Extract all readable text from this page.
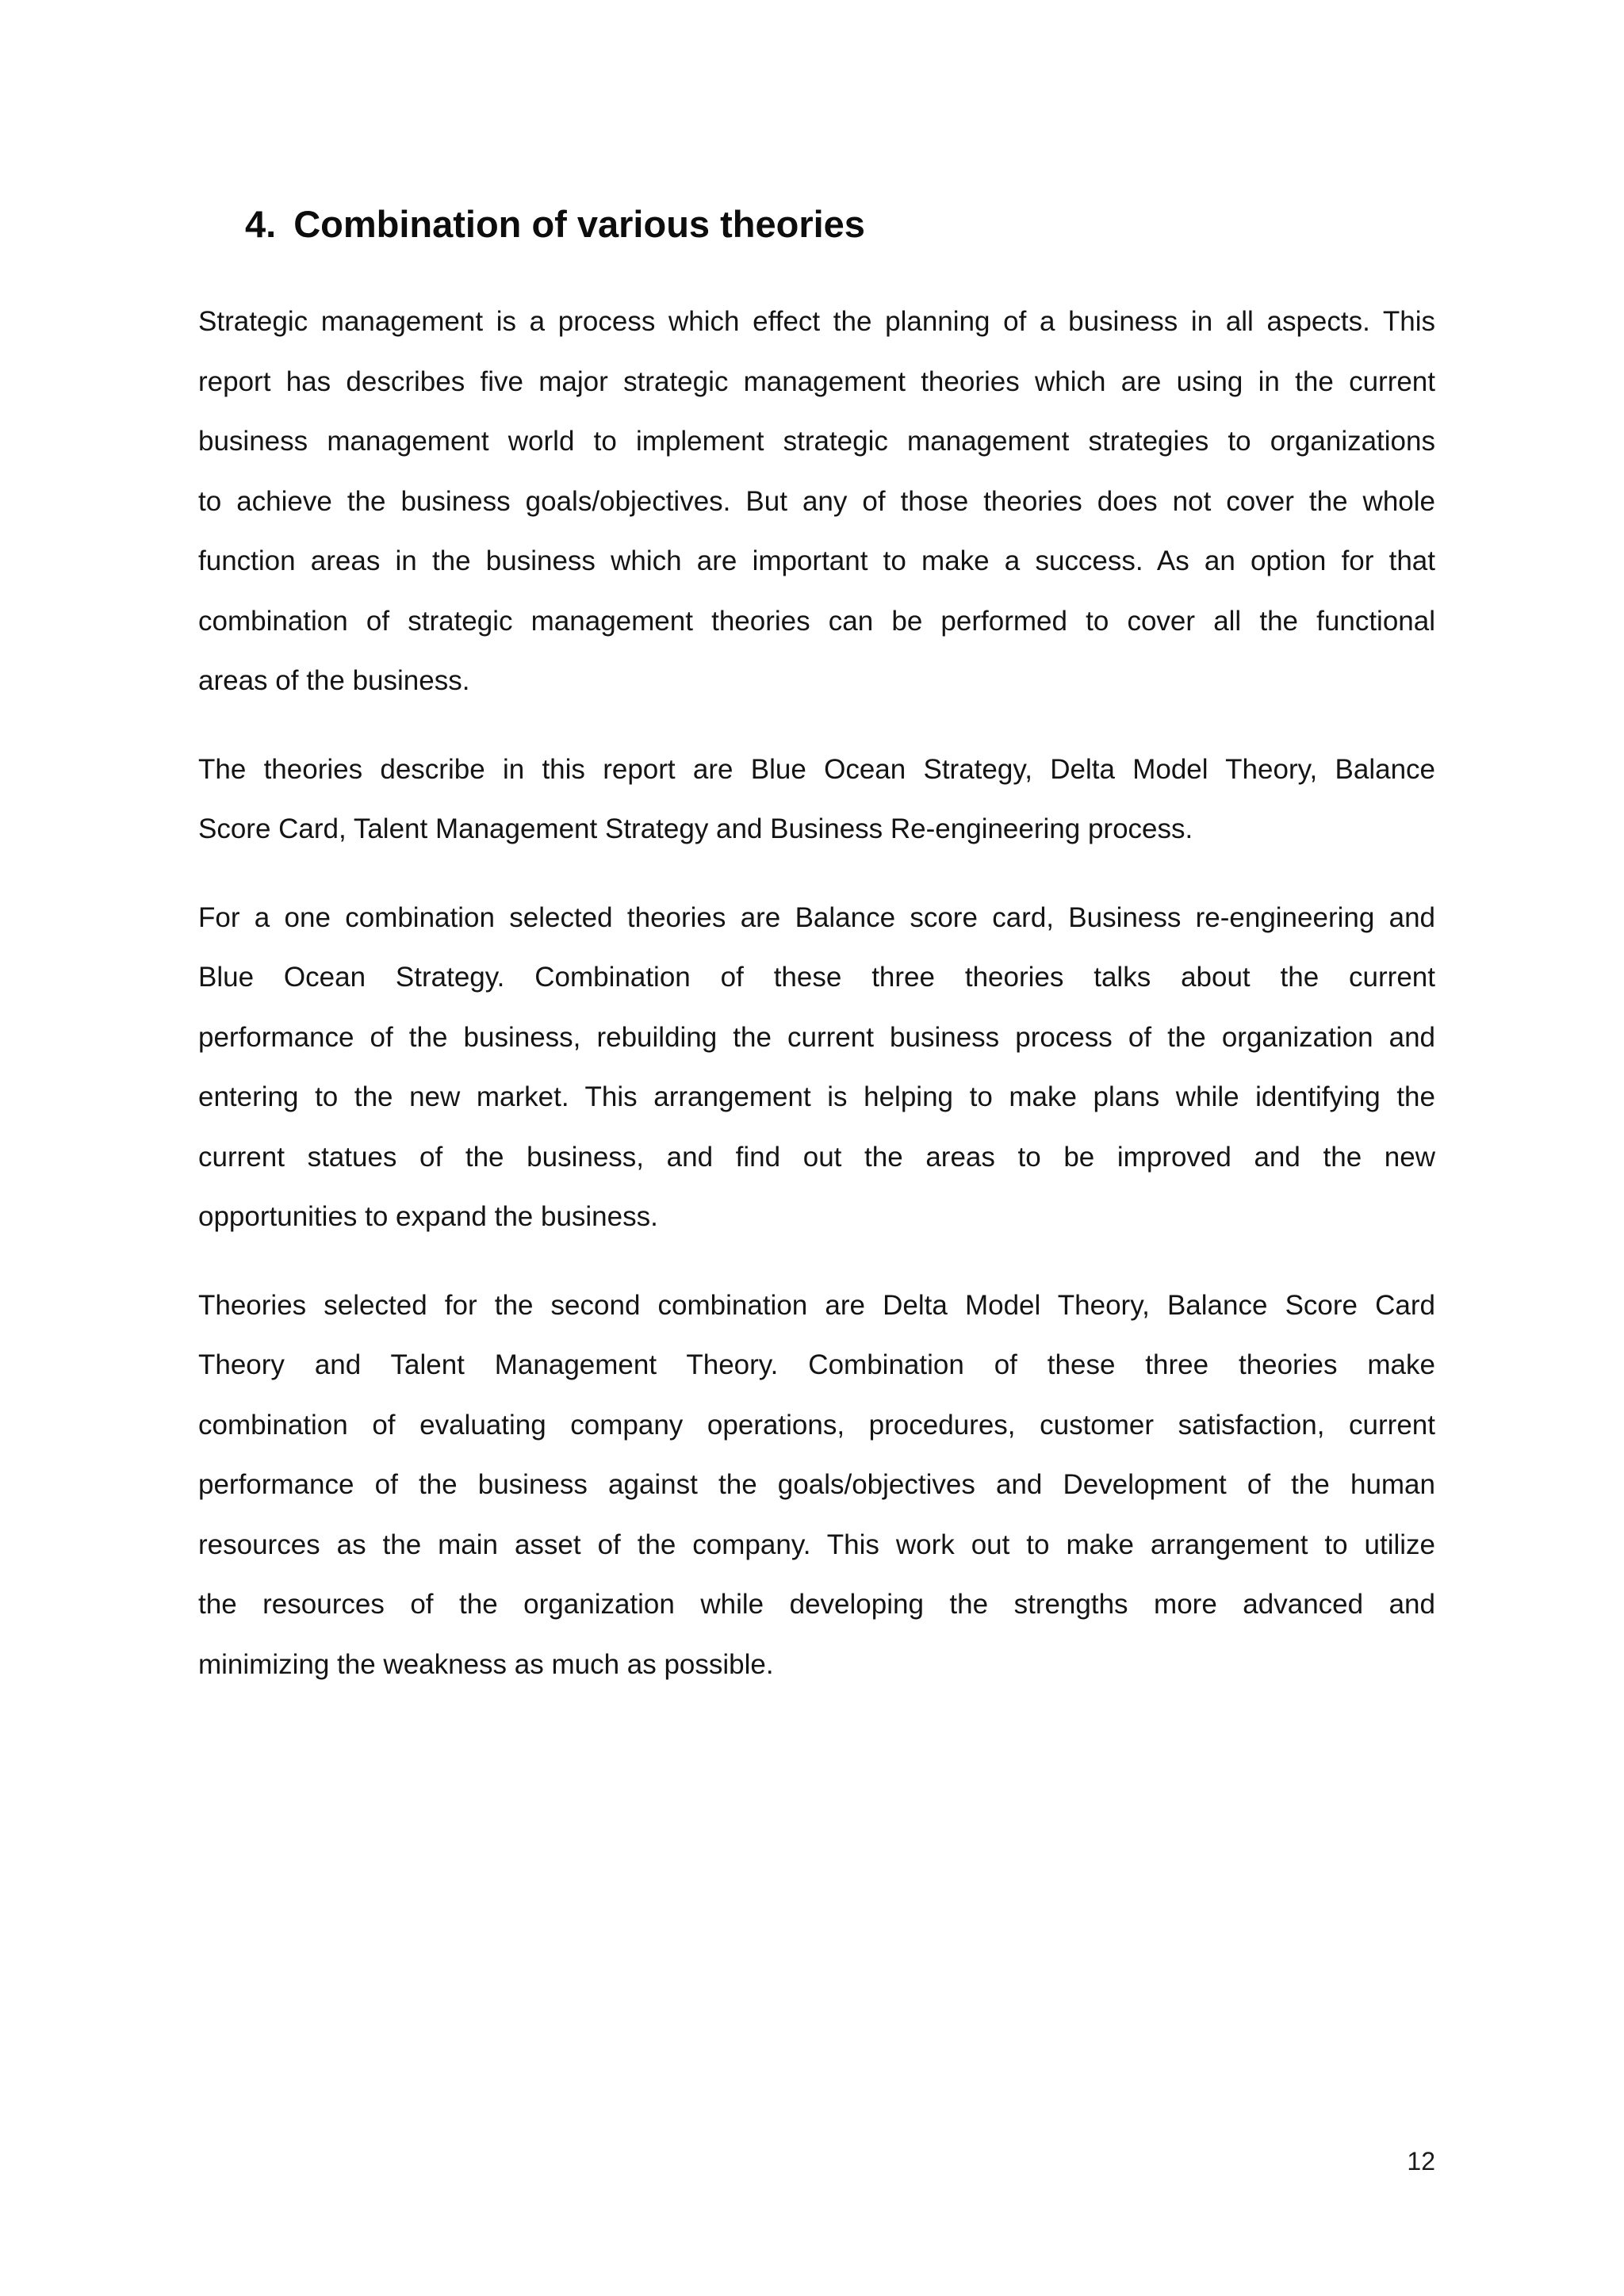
4. Combination of various theories

Strategic management is a process which effect the planning of a business in all aspects. This
report has describes five major strategic management theories which are using in the current
business management world to implement strategic management strategies to organizations
to achieve the business goals/objectives. But any of those theories does not cover the whole
function areas in the business which are important to make a success. As an option for that
combination of strategic management theories can be performed to cover all the functional
areas of the business.

The theories describe in this report are Blue Ocean Strategy, Delta Model Theory, Balance
Score Card, Talent Management Strategy and Business Re-engineering process.

For a one combination selected theories are Balance score card, Business re-engineering and
Blue Ocean Strategy. Combination of these three theories talks about the current
performance of the business, rebuilding the current business process of the organization and
entering to the new market. This arrangement is helping to make plans while identifying the
current statues of the business, and find out the areas to be improved and the new
opportunities to expand the business.

Theories selected for the second combination are Delta Model Theory, Balance Score Card
Theory and Talent Management Theory. Combination of these three theories make
combination of evaluating company operations, procedures, customer satisfaction, current
performance of the business against the goals/objectives and Development of the human
resources as the main asset of the company. This work out to make arrangement to utilize
the resources of the organization while developing the strengths more advanced and
minimizing the weakness as much as possible.

12
